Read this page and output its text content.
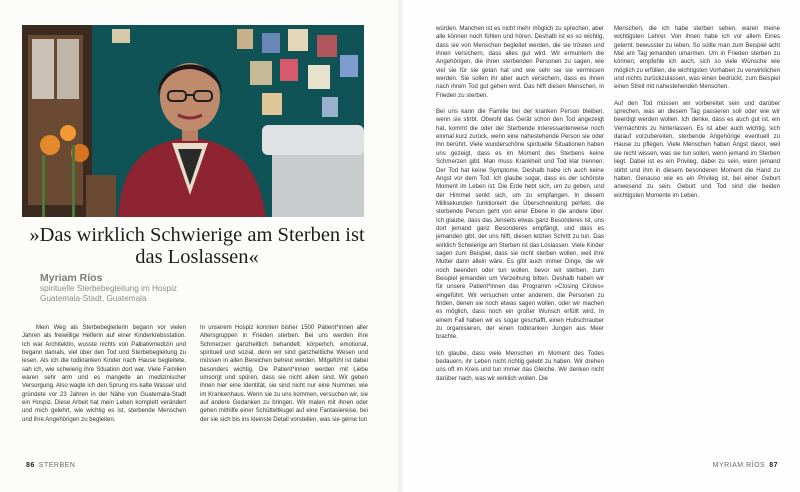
»Das wirklich Schwierige am Sterben ist das Loslassen«

Myriam Ríos

spirituelle Sterbebegleitung im Hospiz
Guatemala-Stadt, Guatemala

Mein Weg als Sterbebegleiterin begann vor vielen Jahren als freiwillige Helferin auf einer Kinderkrebsstation. Ich war Architektin, wusste nichts von Palliativmedizin und begann damals, viel über den Tod und Sterbebegleitung zu lesen. Als ich die todkranken Kinder nach Hause begleitete, sah ich, wie schwierig ihre Situation dort war. Viele Familien waren sehr arm und es mangelte an medizinischer Versorgung. Also wagte ich den Sprung ins kalte Wasser und gründete vor 23 Jahren in der Nähe von Guatemala-Stadt ein Hospiz. Diese Arbeit hat mein Leben komplett verändert und mich gelehrt, wie wichtig es ist, sterbende Menschen und ihre Angehörigen zu begleiten.

In unserem Hospiz konnten bisher 1500 Patient*innen aller Altersgruppen in Frieden sterben. Bei uns werden ihre Schmerzen ganzheitlich behandelt: körperlich, emotional, spirituell und sozial, denn wir sind ganzheitliche Wesen und müssen in allen Bereichen betreut werden. Mitgefühl ist dabei besonders wichtig. Die Patient*innen werden mit Liebe umsorgt und spüren, dass sie nicht allein sind. Wir geben ihnen hier eine Identität, sie sind nicht nur eine Nummer, wie im Krankenhaus. Wenn sie zu uns kommen, versuchen wir, sie auf andere Gedanken zu bringen. Wir malen mit ihnen oder gehen mithilfe einer Schütteltkugel auf eine Fantasiereise, bei der sie sich bis ins kleinste Detail vorstellen, was sie gerne tun

86 STERBEN

würden. Manchen ist es nicht mehr möglich zu sprechen, aber alle können noch fühlen und hören. Deshalb ist es so wichtig, dass sie von Menschen begleitet werden, die sie trösten und ihnen versichern, dass alles gut wird. Wir ermuntern die Angehörigen, die ihren sterbenden Personen zu sagen, wie viel sie für sie getan hat und wie sehr sie sie vermissen werden. Sie sollen ihr aber auch versichern, dass es ihnen nach ihrem Tod gut gehen wird. Das hilft diesen Menschen, in Frieden zu sterben.

Bei uns kann die Familie bei der kranken Person bleiben, wenn sie stirbt. Obwohl das Gerät schon den Tod angezeigt hat, kommt die oder der Sterbende interessanterweise noch einmal kurz zurück, wenn eine nahestehende Person sie oder ihn berührt. Viele wunderschöne spirituelle Situationen haben uns gezeigt, dass es im Moment des Sterbens keine Schmerzen gibt. Man muss Krankheit und Tod klar trennen: Der Tod hat keine Symptome. Deshalb habe ich auch keine Angst vor dem Tod. Ich glaube sogar, dass es der schönste Moment im Leben ist: Die Erde hebt sich, um zu geben, und der Himmel senkt sich, um zu empfangen. In diesem Millisekunden funktioniert die Überschneidung perfekt, die sterbende Person geht von einer Ebene in die andere über. Ich glaube, dass das Jenseits etwas ganz Besonderes ist, uns dort jemand ganz Besonderes empfängt, und dass es jemanden gibt, der uns hilft, diesen letzten Schritt zu tun. Das wirklich Schwierige am Sterben ist das Loslassen. Viele Kinder sagen zum Beispiel, dass sie nicht sterben wollen, weil ihre Mutter dann allein wäre. Es gibt auch immer Dinge, die wir noch beenden oder tun wollen, bevor wir sterben, zum Beispiel jemanden um Verzeihung bitten. Deshalb haben wir für unsere Patient*innen das Programm »Closing Circles« eingeführt. Wir versuchen unter anderem, die Personen zu finden, denen sie noch etwas sagen wollen, oder wir machen es möglich, dass noch ein großer Wunsch erfüllt wird. In einem Fall haben wir es sogar geschafft, einen Hubschrauber zu organisieren, der einen todkranken Jungen aus Meer brachte.

Ich glaube, dass viele Menschen im Moment des Todes bedauern, ihr Leben nicht richtig gelebt zu haben. Wir drehen uns oft im Kreis und tun immer das Gleiche. Wir denken nicht darüber nach, was wir wirklich wollen. Die

Menschen, die ich habe sterben sehen, waren meine wichtigsten Lehrer. Von ihnen habe ich vor allem Eines gelernt: bewusster zu leben. So sollte man zum Beispiel acht Mal am Tag jemanden umarmen. Um in Frieden sterben zu können, empfehle ich auch, sich so viele Wünsche wie möglich zu erfüllen, die wichtigsten Vorhaben zu verwirklichen und nichts zurückzulassen, was einen bedrückt, zum Beispiel einen Streit mit nahestehenden Menschen.

Auf den Tod müssen wir vorbereitet sein und darüber sprechen, was an diesem Tag passieren soll oder wie wir beerdigt werden wollen. Ich denke, dass es auch gut ist, ein Vermächtnis zu hinterlassen. Es ist aber auch wichtig, sich darauf vorzubereiten, sterbende Angehörige eventuell zu Hause zu pflegen. Viele Menschen haben Angst davor, weil sie nicht wissen, was sie tun sollen, wenn jemand im Sterben liegt. Dabei ist es ein Privileg, dabei zu sein, wenn jemand stirbt und ihm in diesem besonderen Moment die Hand zu halten. Genauso wie es ein Privileg ist, bei einer Geburt anwesend zu sein. Geburt und Tod sind die beiden wichtigsten Momente im Leben.

MYRIAM RÍOS 87
